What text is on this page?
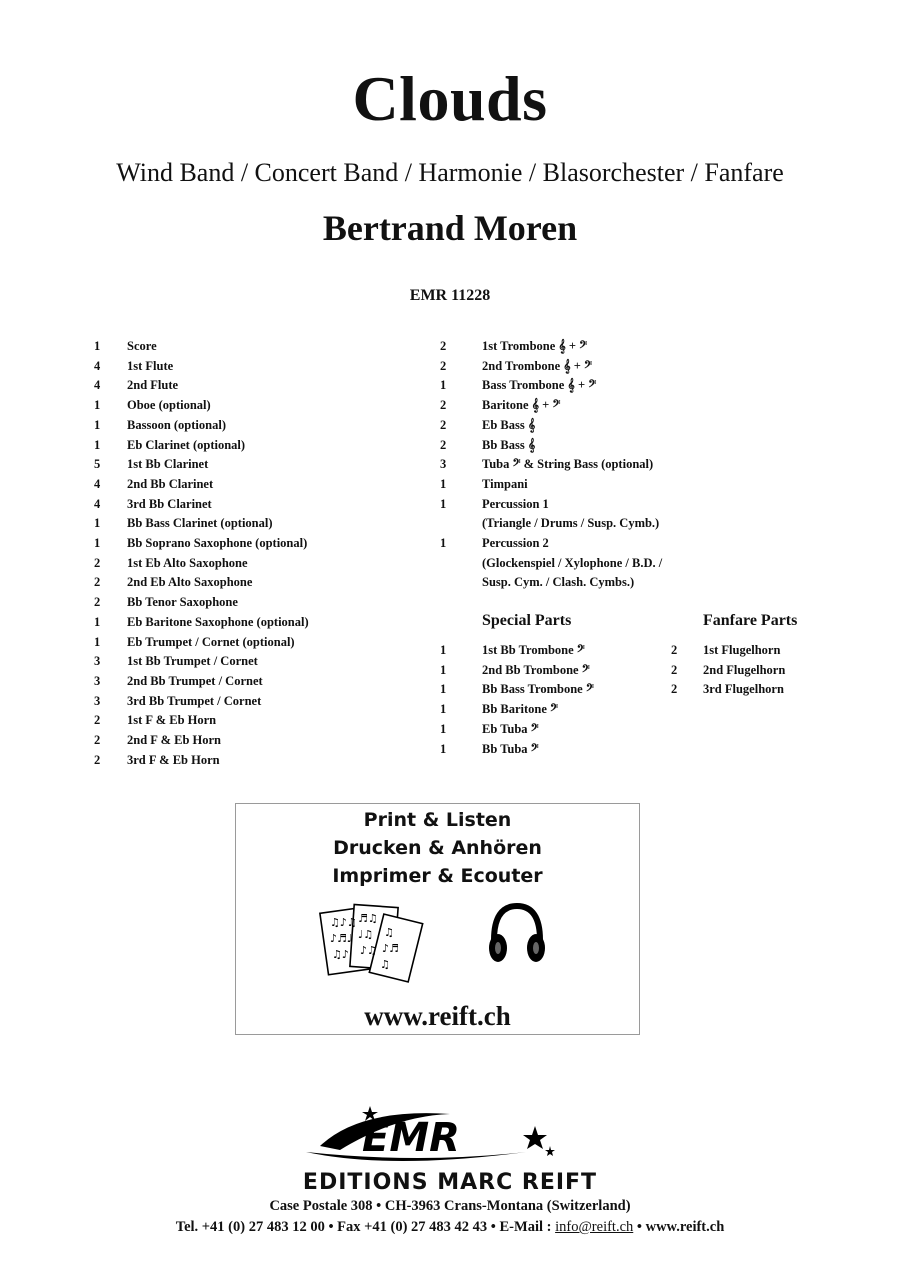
Clouds
Wind Band / Concert Band / Harmonie / Blasorchester / Fanfare
Bertrand Moren
EMR 11228
1 Score
4 1st Flute
4 2nd Flute
1 Oboe (optional)
1 Bassoon (optional)
1 Eb Clarinet (optional)
5 1st Bb Clarinet
4 2nd Bb Clarinet
4 3rd Bb Clarinet
1 Bb Bass Clarinet (optional)
1 Bb Soprano Saxophone (optional)
2 1st Eb Alto Saxophone
2 2nd Eb Alto Saxophone
2 Bb Tenor Saxophone
1 Eb Baritone Saxophone (optional)
1 Eb Trumpet / Cornet (optional)
3 1st Bb Trumpet / Cornet
3 2nd Bb Trumpet / Cornet
3 3rd Bb Trumpet / Cornet
2 1st F & Eb Horn
2 2nd F & Eb Horn
2 3rd F & Eb Horn
2	1st Trombone 𝄞 + 𝄢
2	2nd Trombone 𝄞 + 𝄢
1	Bass Trombone 𝄞 + 𝄢
2	Baritone 𝄞 + 𝄢
2	Eb Bass 𝄞
2	Bb Bass 𝄞
3	Tuba 𝄢 & String Bass (optional)
1	Timpani
1	Percussion 1
(Triangle / Drums / Susp. Cymb.)
1	Percussion 2
(Glockenspiel / Xylophone / B.D. /
Susp. Cym. / Clash. Cymbs.)
Special Parts	Fanfare Parts
1	1st Bb Trombone 𝄢
1	2nd Bb Trombone 𝄢
1	Bb Bass Trombone 𝄢
1	Bb Baritone 𝄢
1	Eb Tuba 𝄢
1	Bb Tuba 𝄢
2 1st Flugelhorn
2 2nd Flugelhorn
2 3rd Flugelhorn
Print & Listen
Drucken & Anhören
Imprimer & Ecouter
♫♪♫
♪♬♩
♫♪
♬♫
♩♫
♪♫
♫
♪♬
♫
www.reift.ch
EMR
EDITIONS MARC REIFT
Case Postale 308 • CH-3963 Crans-Montana (Switzerland)
Tel. +41 (0) 27 483 12 00 • Fax +41 (0) 27 483 42 43 • E-Mail : info@reift.ch • www.reift.ch
